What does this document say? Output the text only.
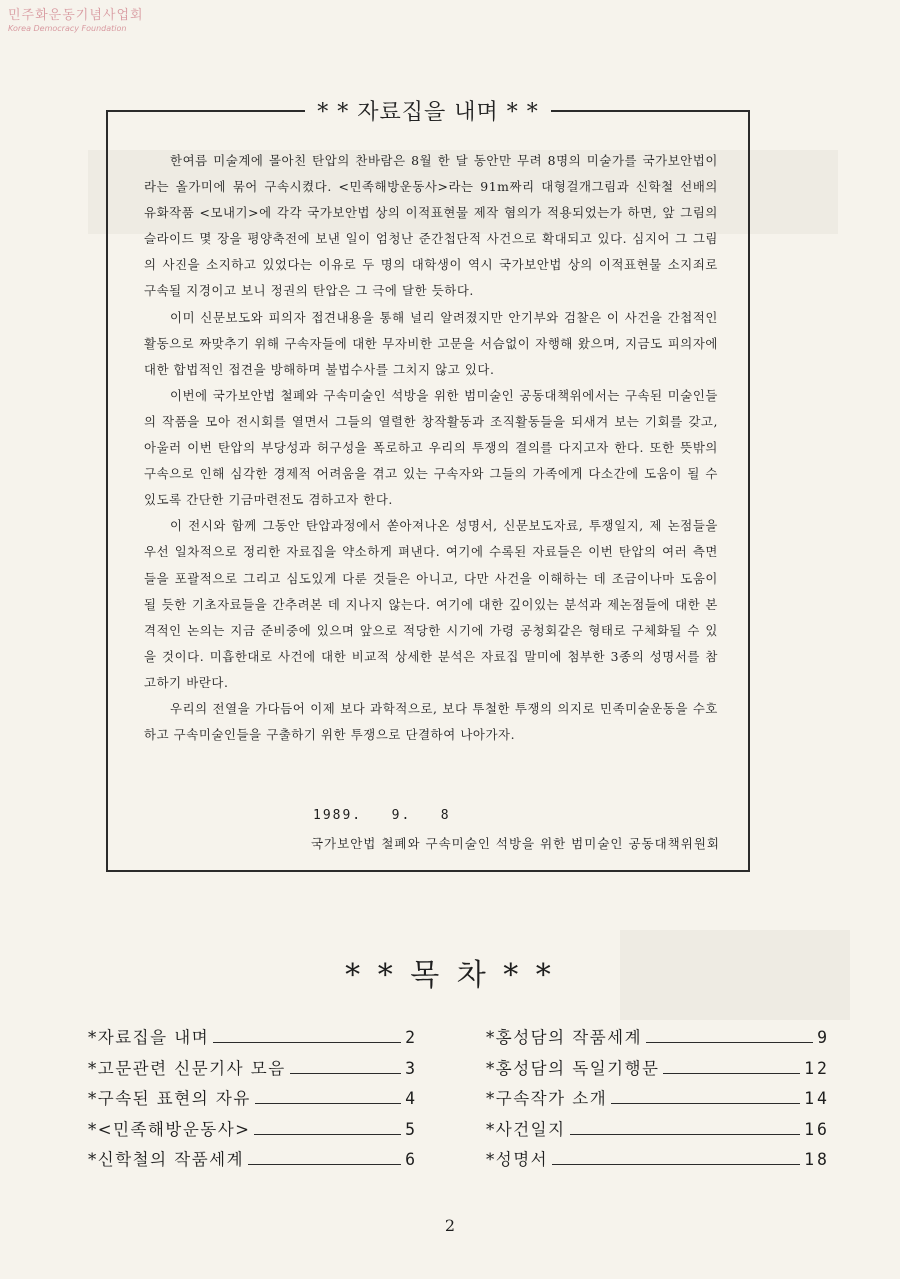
민주화운동기념사업회
Korea Democracy Foundation
* * 자료집을 내며 * *

한여름 미술계에 몰아친 탄압의 찬바람은 8월 한 달 동안만 무려 8명의 미술가를 국가보안법이라는 올가미에 묶어 구속시켰다. <민족해방운동사>라는 91m짜리 대형걸개그림과 신학철 선배의 유화작품 <모내기>에 각각 국가보안법 상의 이적표현물 제작 혐의가 적용되었는가 하면, 앞 그림의 슬라이드 몇 장을 평양축전에 보낸 일이 엄청난 준간첩단적 사건으로 확대되고 있다. 심지어 그 그림의 사진을 소지하고 있었다는 이유로 두 명의 대학생이 역시 국가보안법 상의 이적표현물 소지죄로 구속될 지경이고 보니 정권의 탄압은 그 극에 달한 듯하다.

이미 신문보도와 피의자 접견내용을 통해 널리 알려졌지만 안기부와 검찰은 이 사건을 간첩적인 활동으로 짜맞추기 위해 구속자들에 대한 무자비한 고문을 서슴없이 자행해 왔으며, 지금도 피의자에 대한 합법적인 접견을 방해하며 불법수사를 그치지 않고 있다.

이번에 국가보안법 철폐와 구속미술인 석방을 위한 범미술인 공동대책위에서는 구속된 미술인들의 작품을 모아 전시회를 열면서 그들의 열렬한 창작활동과 조직활동들을 되새겨 보는 기회를 갖고, 아울러 이번 탄압의 부당성과 허구성을 폭로하고 우리의 투쟁의 결의를 다지고자 한다. 또한 뜻밖의 구속으로 인해 심각한 경제적 어려움을 겪고 있는 구속자와 그들의 가족에게 다소간에 도움이 될 수 있도록 간단한 기금마련전도 겸하고자 한다.

이 전시와 함께 그동안 탄압과정에서 쏟아져나온 성명서, 신문보도자료, 투쟁일지, 제 논점들을 우선 일차적으로 정리한 자료집을 약소하게 펴낸다. 여기에 수록된 자료들은 이번 탄압의 여러 측면들을 포괄적으로 그리고 심도있게 다룬 것들은 아니고, 다만 사건을 이해하는 데 조금이나마 도움이 될 듯한 기초자료들을 간추려본 데 지나지 않는다. 여기에 대한 깊이있는 분석과 제논점들에 대한 본격적인 논의는 지금 준비중에 있으며 앞으로 적당한 시기에 가령 공청회같은 형태로 구체화될 수 있을 것이다. 미흡한대로 사건에 대한 비교적 상세한 분석은 자료집 말미에 첨부한 3종의 성명서를 참고하기 바란다.

우리의 전열을 가다듬어 이제 보다 과학적으로, 보다 투철한 투쟁의 의지로 민족미술운동을 수호하고 구속미술인들을 구출하기 위한 투쟁으로 단결하여 나아가자.

1989.   9.   8
국가보안법 철폐와 구속미술인 석방을 위한 범미술인 공동대책위원회
* * 목 차 * *
*자료집을 내며	2
*고문관련 신문기사 모음	3
*구속된 표현의 자유	4
*<민족해방운동사>	5
*신학철의 작품세계	6
*홍성담의 작품세계	9
*홍성담의 독일기행문	12
*구속작가 소개	14
*사건일지	16
*성명서	18
2
